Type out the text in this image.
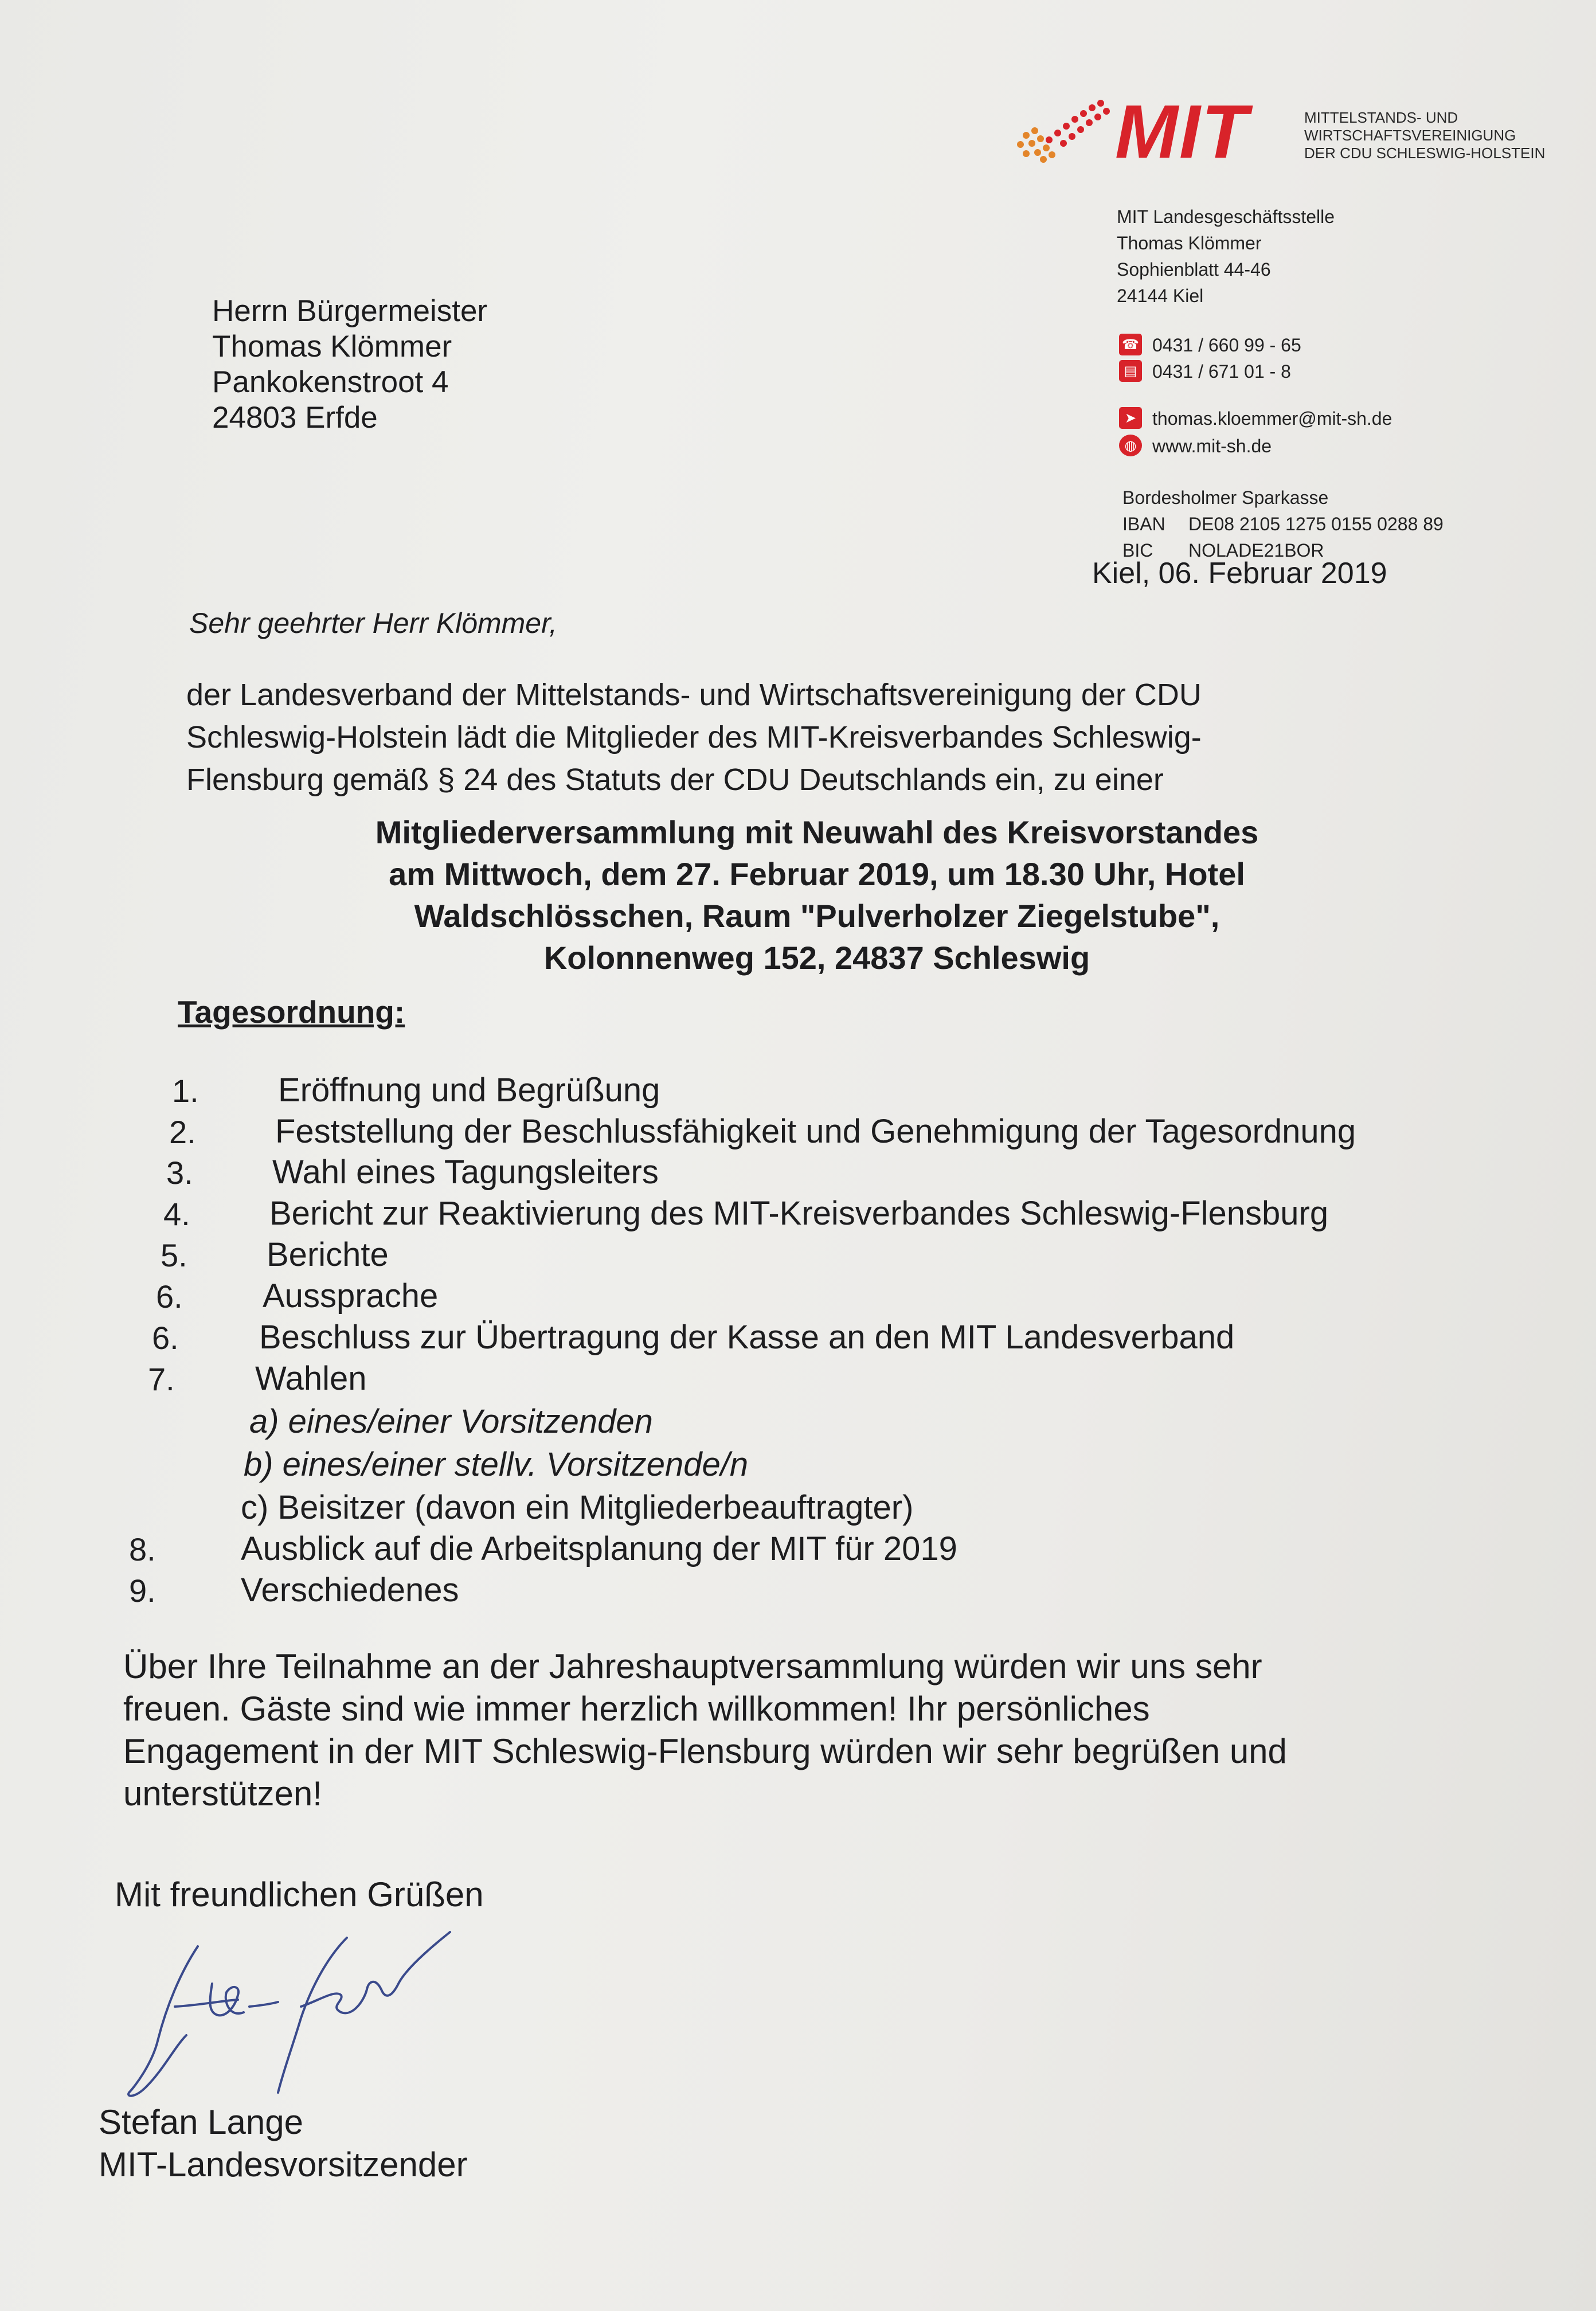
MIT	MITTELSTANDS- UND
WIRTSCHAFTSVEREINIGUNG
DER CDU SCHLESWIG-HOLSTEIN
MIT Landesgeschäftsstelle
Thomas Klömmer
Sophienblatt 44-46
24144 Kiel
☎ 0431 / 660 99 - 65
▤ 0431 / 671 01 - 8
➤ thomas.kloemmer@mit-sh.de
◍ www.mit-sh.de
Bordesholmer Sparkasse
IBAN DE08 2105 1275 0155 0288 89
BIC NOLADE21BOR
Herrn Bürgermeister
Thomas Klömmer
Pankokenstroot 4
24803 Erfde
Kiel, 06. Februar 2019
Sehr geehrter Herr Klömmer,
der Landesverband der Mittelstands- und Wirtschaftsvereinigung der CDU
Schleswig-Holstein lädt die Mitglieder des MIT-Kreisverbandes Schleswig-
Flensburg gemäß § 24 des Statuts der CDU Deutschlands ein, zu einer
Mitgliederversammlung mit Neuwahl des Kreisvorstandes
am Mittwoch, dem 27. Februar 2019, um 18.30 Uhr, Hotel
Waldschlösschen, Raum "Pulverholzer Ziegelstube",
Kolonnenweg 152, 24837 Schleswig
Tagesordnung:
1. Eröffnung und Begrüßung
2. Feststellung der Beschlussfähigkeit und Genehmigung der Tagesordnung
3. Wahl eines Tagungsleiters
4. Bericht zur Reaktivierung des MIT-Kreisverbandes Schleswig-Flensburg
5. Berichte
6. Aussprache
6. Beschluss zur Übertragung der Kasse an den MIT Landesverband
7. Wahlen
a) eines/einer Vorsitzenden
b) eines/einer stellv. Vorsitzende/n
c) Beisitzer (davon ein Mitgliederbeauftragter)
8.	Ausblick auf die Arbeitsplanung der MIT für 2019
9.	Verschiedenes
Über Ihre Teilnahme an der Jahreshauptversammlung würden wir uns sehr
freuen. Gäste sind wie immer herzlich willkommen! Ihr persönliches
Engagement in der MIT Schleswig-Flensburg würden wir sehr begrüßen und
unterstützen!
Mit freundlichen Grüßen
Stefan Lange
MIT-Landesvorsitzender
